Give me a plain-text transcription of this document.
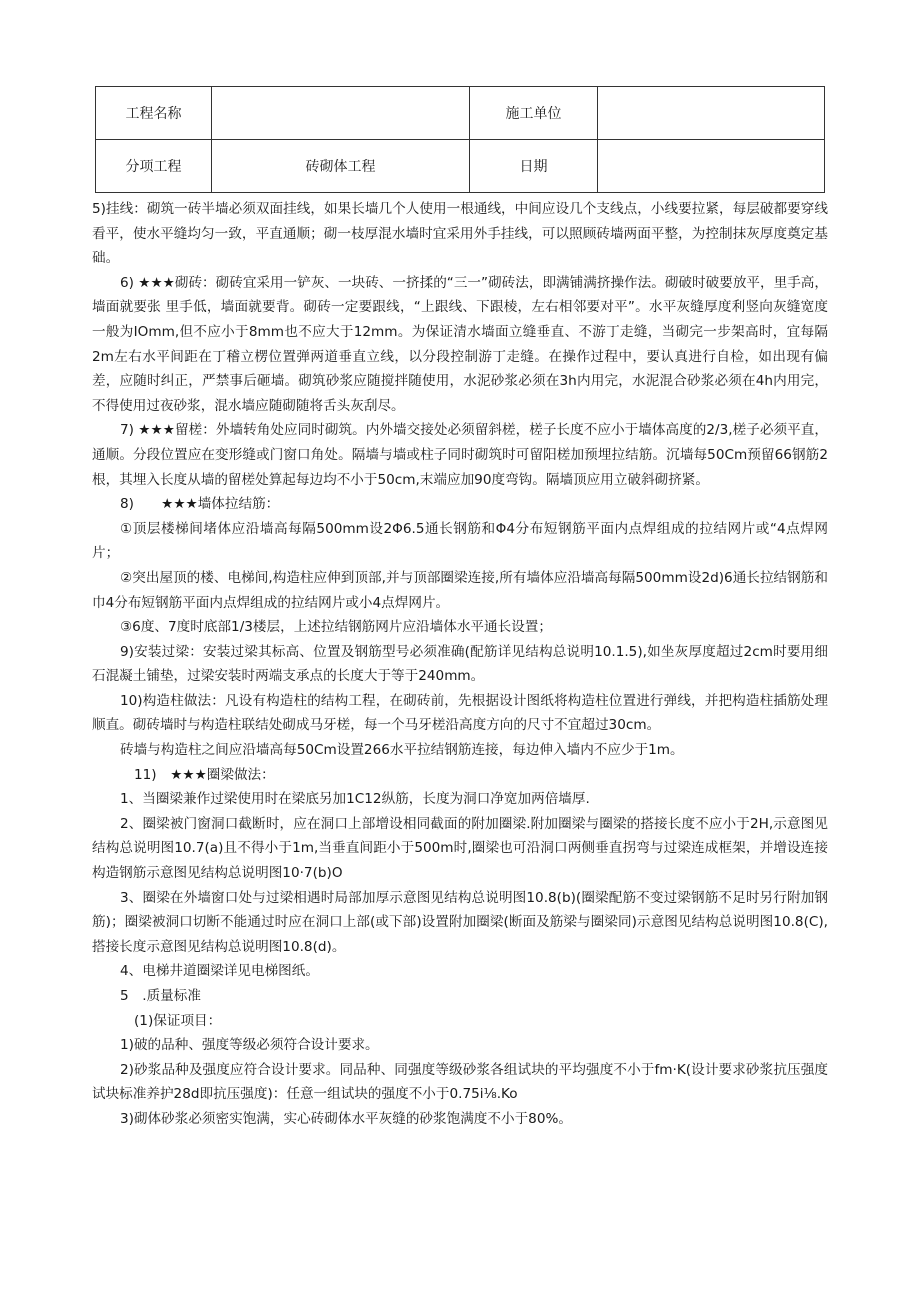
工程名称		施工单位	
分项工程	砖砌体工程	日期	

5)挂线：砌筑一砖半墙必须双面挂线，如果长墙几个人使用一根通线，中间应设几个支线点，小线要拉紧，每层破都要穿线看平，使水平缝均匀一致，平直通顺；砌一枝厚混水墙时宜采用外手挂线，可以照顾砖墙两面平整，为控制抹灰厚度奠定基础。

6) ★★★砌砖：砌砖宜采用一铲灰、一块砖、一挤揉的“三一”砌砖法，即满铺满挤操作法。砌破时破要放平，里手高，墙面就要张 里手低，墙面就要背。砌砖一定要跟线，“上跟线、下跟棱，左右相邻要对平”。水平灰缝厚度利竖向灰缝宽度一般为IOmm,但不应小于8mm也不应大于12mm。为保证清水墙面立缝垂直、不游丁走缝，当砌完一步架高时，宜每隔2m左右水平间距在丁稽立楞位置弹两道垂直立线，以分段控制游丁走缝。在操作过程中，要认真进行自检，如出现有偏差，应随时纠正，严禁事后砸墙。砌筑砂浆应随搅拌随使用，水泥砂浆必须在3h内用完，水泥混合砂浆必须在4h内用完，不得使用过夜砂浆，混水墙应随砌随将舌头灰刮尽。

7) ★★★留槎：外墙转角处应同时砌筑。内外墙交接处必须留斜槎，槎子长度不应小于墙体高度的2/3,槎子必须平直，通顺。分段位置应在变形缝或门窗口角处。隔墙与墙或柱子同时砌筑时可留阳槎加预埋拉结筋。沉墙每50Cm预留66钢筋2根，其埋入长度从墙的留槎处算起每边均不小于50cm,末端应加90度弯钩。隔墙顶应用立破斜砌挤紧。

8)　　★★★墙体拉结筋：

①顶层楼梯间堵体应沿墙高每隔500mm设2Φ6.5通长钢筋和Φ4分布短钢筋平面内点焊组成的拉结网片或“4点焊网片；

②突出屋顶的楼、电梯间,构造柱应伸到顶部,并与顶部圈梁连接,所有墙体应沿墙高每隔500mm设2d)6通长拉结钢筋和巾4分布短钢筋平面内点焊组成的拉结网片或小4点焊网片。

③6度、7度时底部1/3楼层，上述拉结钢筋网片应沿墙体水平通长设置；

9)安装过梁：安装过梁其标高、位置及钢筋型号必须准确(配筋详见结构总说明10.1.5),如坐灰厚度超过2cm时要用细石混凝土铺垫，过梁安装时两端支承点的长度大于等于240mm。

10)构造柱做法：凡设有构造柱的结构工程，在砌砖前，先根据设计图纸将构造柱位置进行弹线，并把构造柱插筋处理顺直。砌砖墙时与构造柱联结处砌成马牙槎，每一个马牙槎沿高度方向的尺寸不宜超过30cm。

砖墙与构造柱之间应沿墙高每50Cm设置266水平拉结钢筋连接，每边伸入墙内不应少于1m。

11)　★★★圈梁做法：

1、当圈梁兼作过梁使用时在梁底另加1C12纵筋，长度为洞口净宽加两倍墙厚.

2、圈梁被门窗洞口截断时，应在洞口上部增设相同截面的附加圈梁.附加圈梁与圈梁的搭接长度不应小于2H,示意图见结构总说明图10.7(a)且不得小于1m,当垂直间距小于500m时,圈梁也可沿洞口两侧垂直拐弯与过梁连成框架，并增设连接构造钢筋示意图见结构总说明图10·7(b)O

3、圈梁在外墙窗口处与过梁相遇时局部加厚示意图见结构总说明图10.8(b)(圈梁配筋不变过梁钢筋不足时另行附加钢筋)；圈梁被洞口切断不能通过时应在洞口上部(或下部)设置附加圈梁(断面及筋梁与圈梁同)示意图见结构总说明图10.8(C),搭接长度示意图见结构总说明图10.8(d)。

4、电梯井道圈梁详见电梯图纸。

5　.质量标准

(1)保证项目：

1)破的品种、强度等级必须符合设计要求。

2)砂浆品种及强度应符合设计要求。同品种、同强度等级砂浆各组试块的平均强度不小于fm·K(设计要求砂浆抗压强度试块标准养护28d即抗压强度)：任意一组试块的强度不小于0.75i⅛.Ko

3)砌体砂浆必须密实饱满，实心砖砌体水平灰缝的砂浆饱满度不小于80%。
